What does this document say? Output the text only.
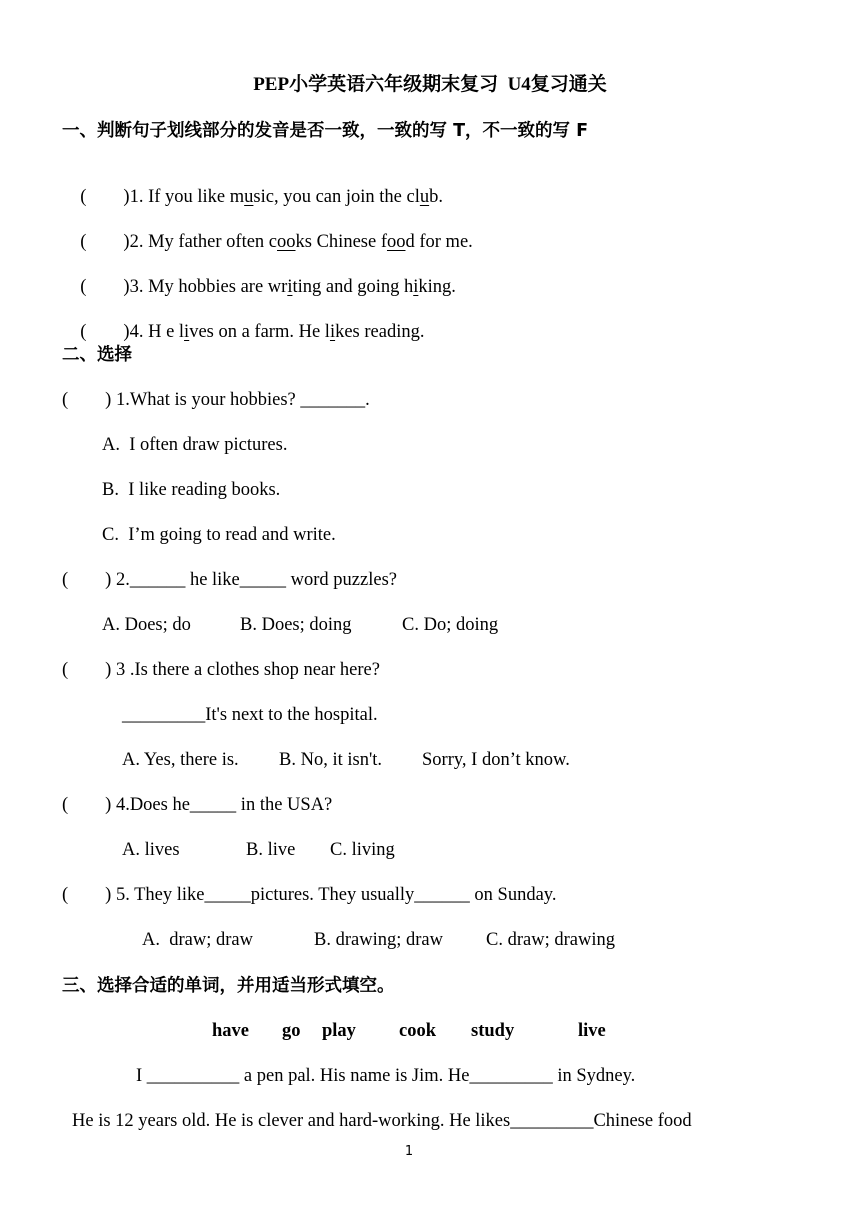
PEP小学英语六年级期末复习  U4复习通关
一、判断句子划线部分的发音是否一致，一致的写 T，不一致的写 F

(        )1. If you like music, you can join the club.

(        )2. My father often cooks Chinese food for me.

(        )3. My hobbies are writing and going hiking.

(        )4. H e lives on a farm. He likes reading.

二、选择
(        ) 1.What is your hobbies? _______.
A.  I often draw pictures.
B.  I like reading books.
C.  I’m going to read and write.
(        ) 2.______ he like_____ word puzzles?
A. Does; do	B. Does; doing	C. Do; doing
(        ) 3 .Is there a clothes shop near here?
_________It's next to the hospital.
A. Yes, there is. B. No, it isn't. Sorry, I don’t know.
(        ) 4.Does he_____ in the USA?
A. lives	B. live C. living
(        ) 5. They like_____pictures. They usually______ on Sunday.
A.  draw; draw	B. drawing; draw C. draw; drawing
三、选择合适的单词，并用适当形式填空。

have

go

play

cook

study

	live

I __________ a pen pal. His name is Jim. He_________ in Sydney.
He is 12 years old. He is clever and hard-working. He likes_________Chinese food
1
